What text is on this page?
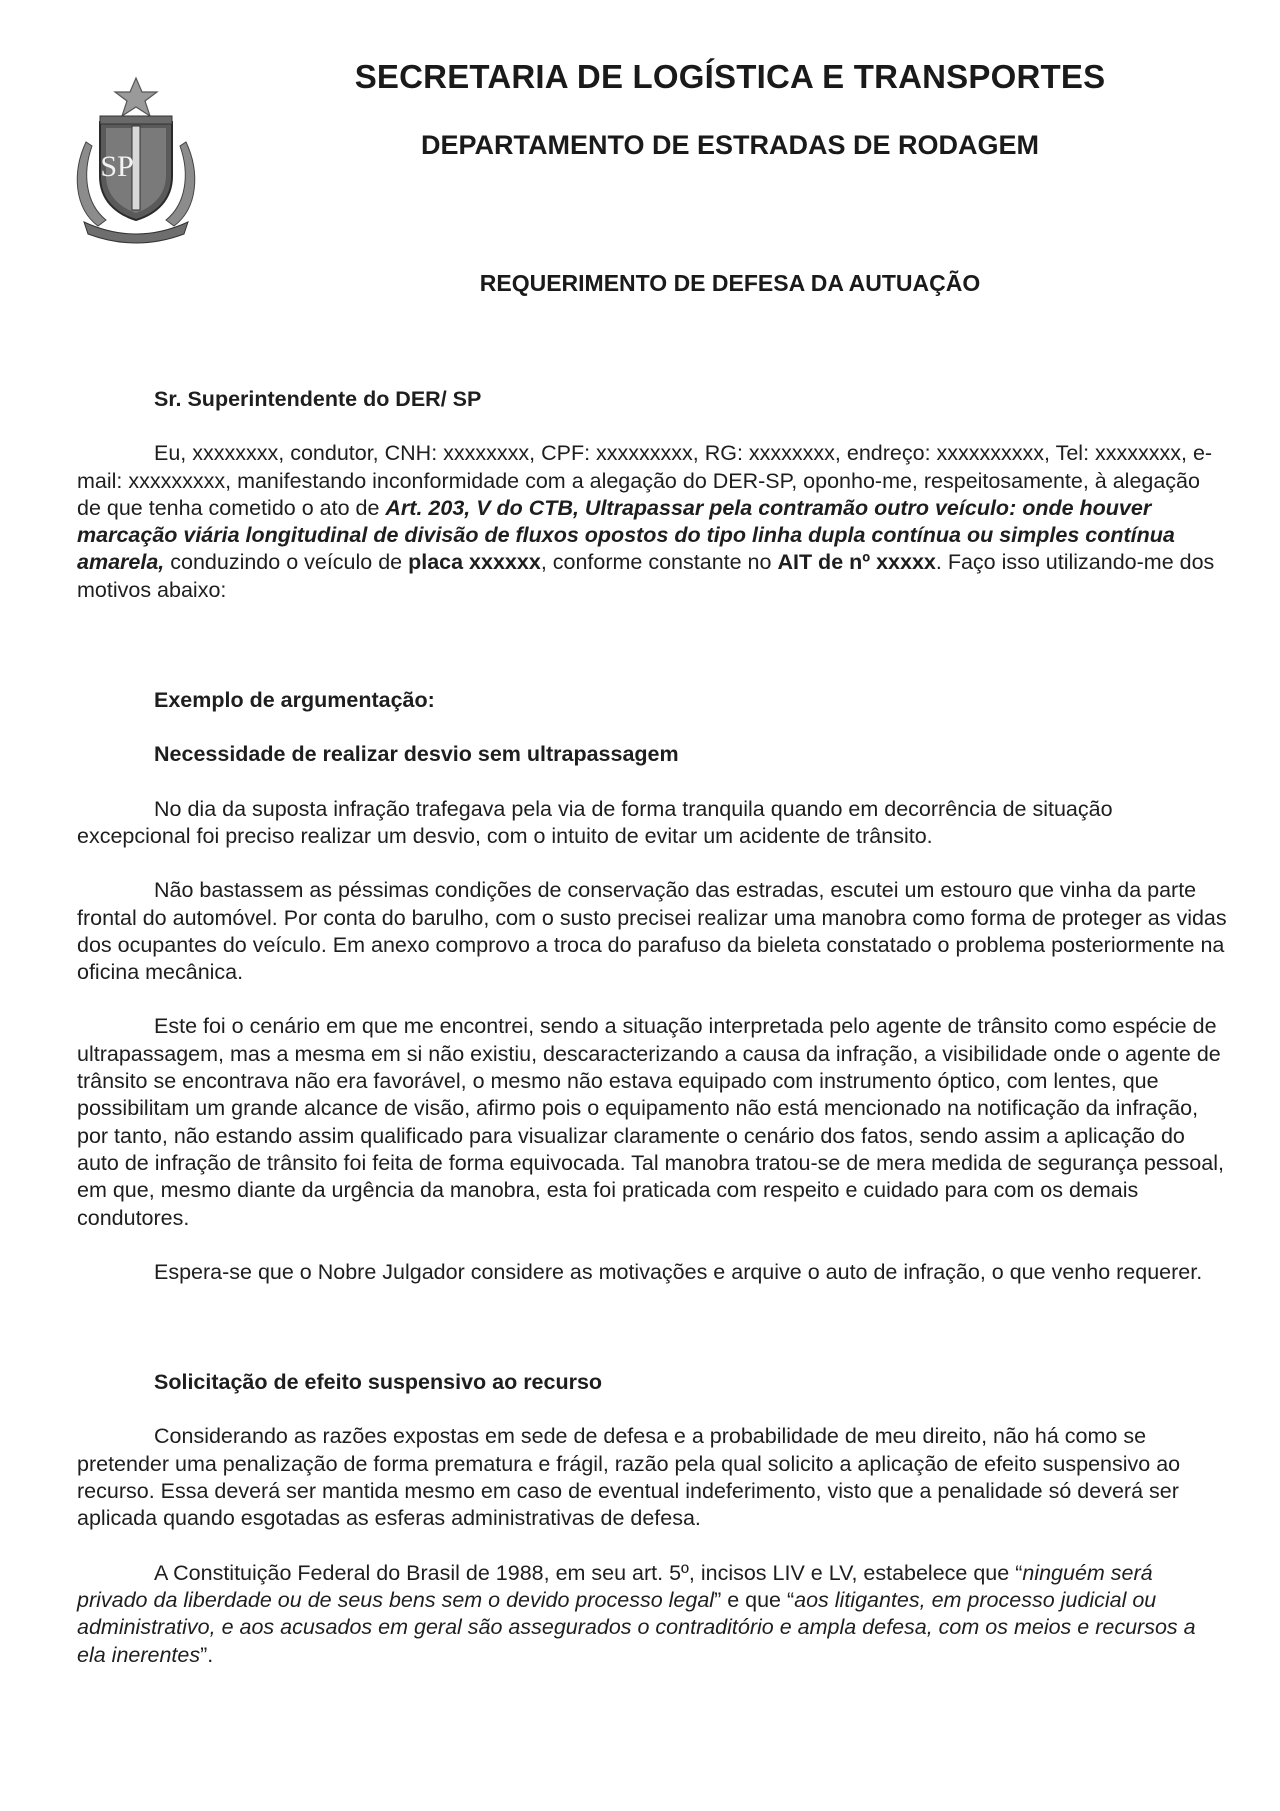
SP
SECRETARIA DE LOGÍSTICA E TRANSPORTES
DEPARTAMENTO DE ESTRADAS DE RODAGEM
REQUERIMENTO DE DEFESA DA AUTUAÇÃO

Sr. Superintendente do DER/ SP

Eu, xxxxxxxx, condutor, CNH: xxxxxxxx, CPF: xxxxxxxxx, RG: xxxxxxxx, endreço: xxxxxxxxxx, Tel: xxxxxxxx, e-mail: xxxxxxxxx, manifestando inconformidade com a alegação do DER-SP, oponho-me, respeitosamente, à alegação de que tenha cometido o ato de Art. 203, V do CTB, Ultrapassar pela contramão outro veículo: onde houver marcação viária longitudinal de divisão de fluxos opostos do tipo linha dupla contínua ou simples contínua amarela, conduzindo o veículo de placa xxxxxx, conforme constante no AIT de nº xxxxx. Faço isso utilizando-me dos motivos abaixo:

Exemplo de argumentação:

Necessidade de realizar desvio sem ultrapassagem

No dia da suposta infração trafegava pela via de forma tranquila quando em decorrência de situação excepcional foi preciso realizar um desvio, com o intuito de evitar um acidente de trânsito.

Não bastassem as péssimas condições de conservação das estradas, escutei um estouro que vinha da parte frontal do automóvel. Por conta do barulho, com o susto precisei realizar uma manobra como forma de proteger as vidas dos ocupantes do veículo. Em anexo comprovo a troca do parafuso da bieleta constatado o problema posteriormente na oficina mecânica.

Este foi o cenário em que me encontrei, sendo a situação interpretada pelo agente de trânsito como espécie de ultrapassagem, mas a mesma em si não existiu, descaracterizando a causa da infração, a visibilidade onde o agente de trânsito se encontrava não era favorável, o mesmo não estava equipado com instrumento óptico, com lentes, que possibilitam um grande alcance de visão, afirmo pois o equipamento não está mencionado na notificação da infração, por tanto, não estando assim qualificado para visualizar claramente o cenário dos fatos, sendo assim a aplicação do auto de infração de trânsito foi feita de forma equivocada. Tal manobra tratou-se de mera medida de segurança pessoal, em que, mesmo diante da urgência da manobra, esta foi praticada com respeito e cuidado para com os demais condutores.

Espera-se que o Nobre Julgador considere as motivações e arquive o auto de infração, o que venho requerer.

Solicitação de efeito suspensivo ao recurso

Considerando as razões expostas em sede de defesa e a probabilidade de meu direito, não há como se pretender uma penalização de forma prematura e frágil, razão pela qual solicito a aplicação de efeito suspensivo ao recurso. Essa deverá ser mantida mesmo em caso de eventual indeferimento, visto que a penalidade só deverá ser aplicada quando esgotadas as esferas administrativas de defesa.

A Constituição Federal do Brasil de 1988, em seu art. 5º, incisos LIV e LV, estabelece que “ninguém será privado da liberdade ou de seus bens sem o devido processo legal” e que “aos litigantes, em processo judicial ou administrativo, e aos acusados em geral são assegurados o contraditório e ampla defesa, com os meios e recursos a ela inerentes”.
